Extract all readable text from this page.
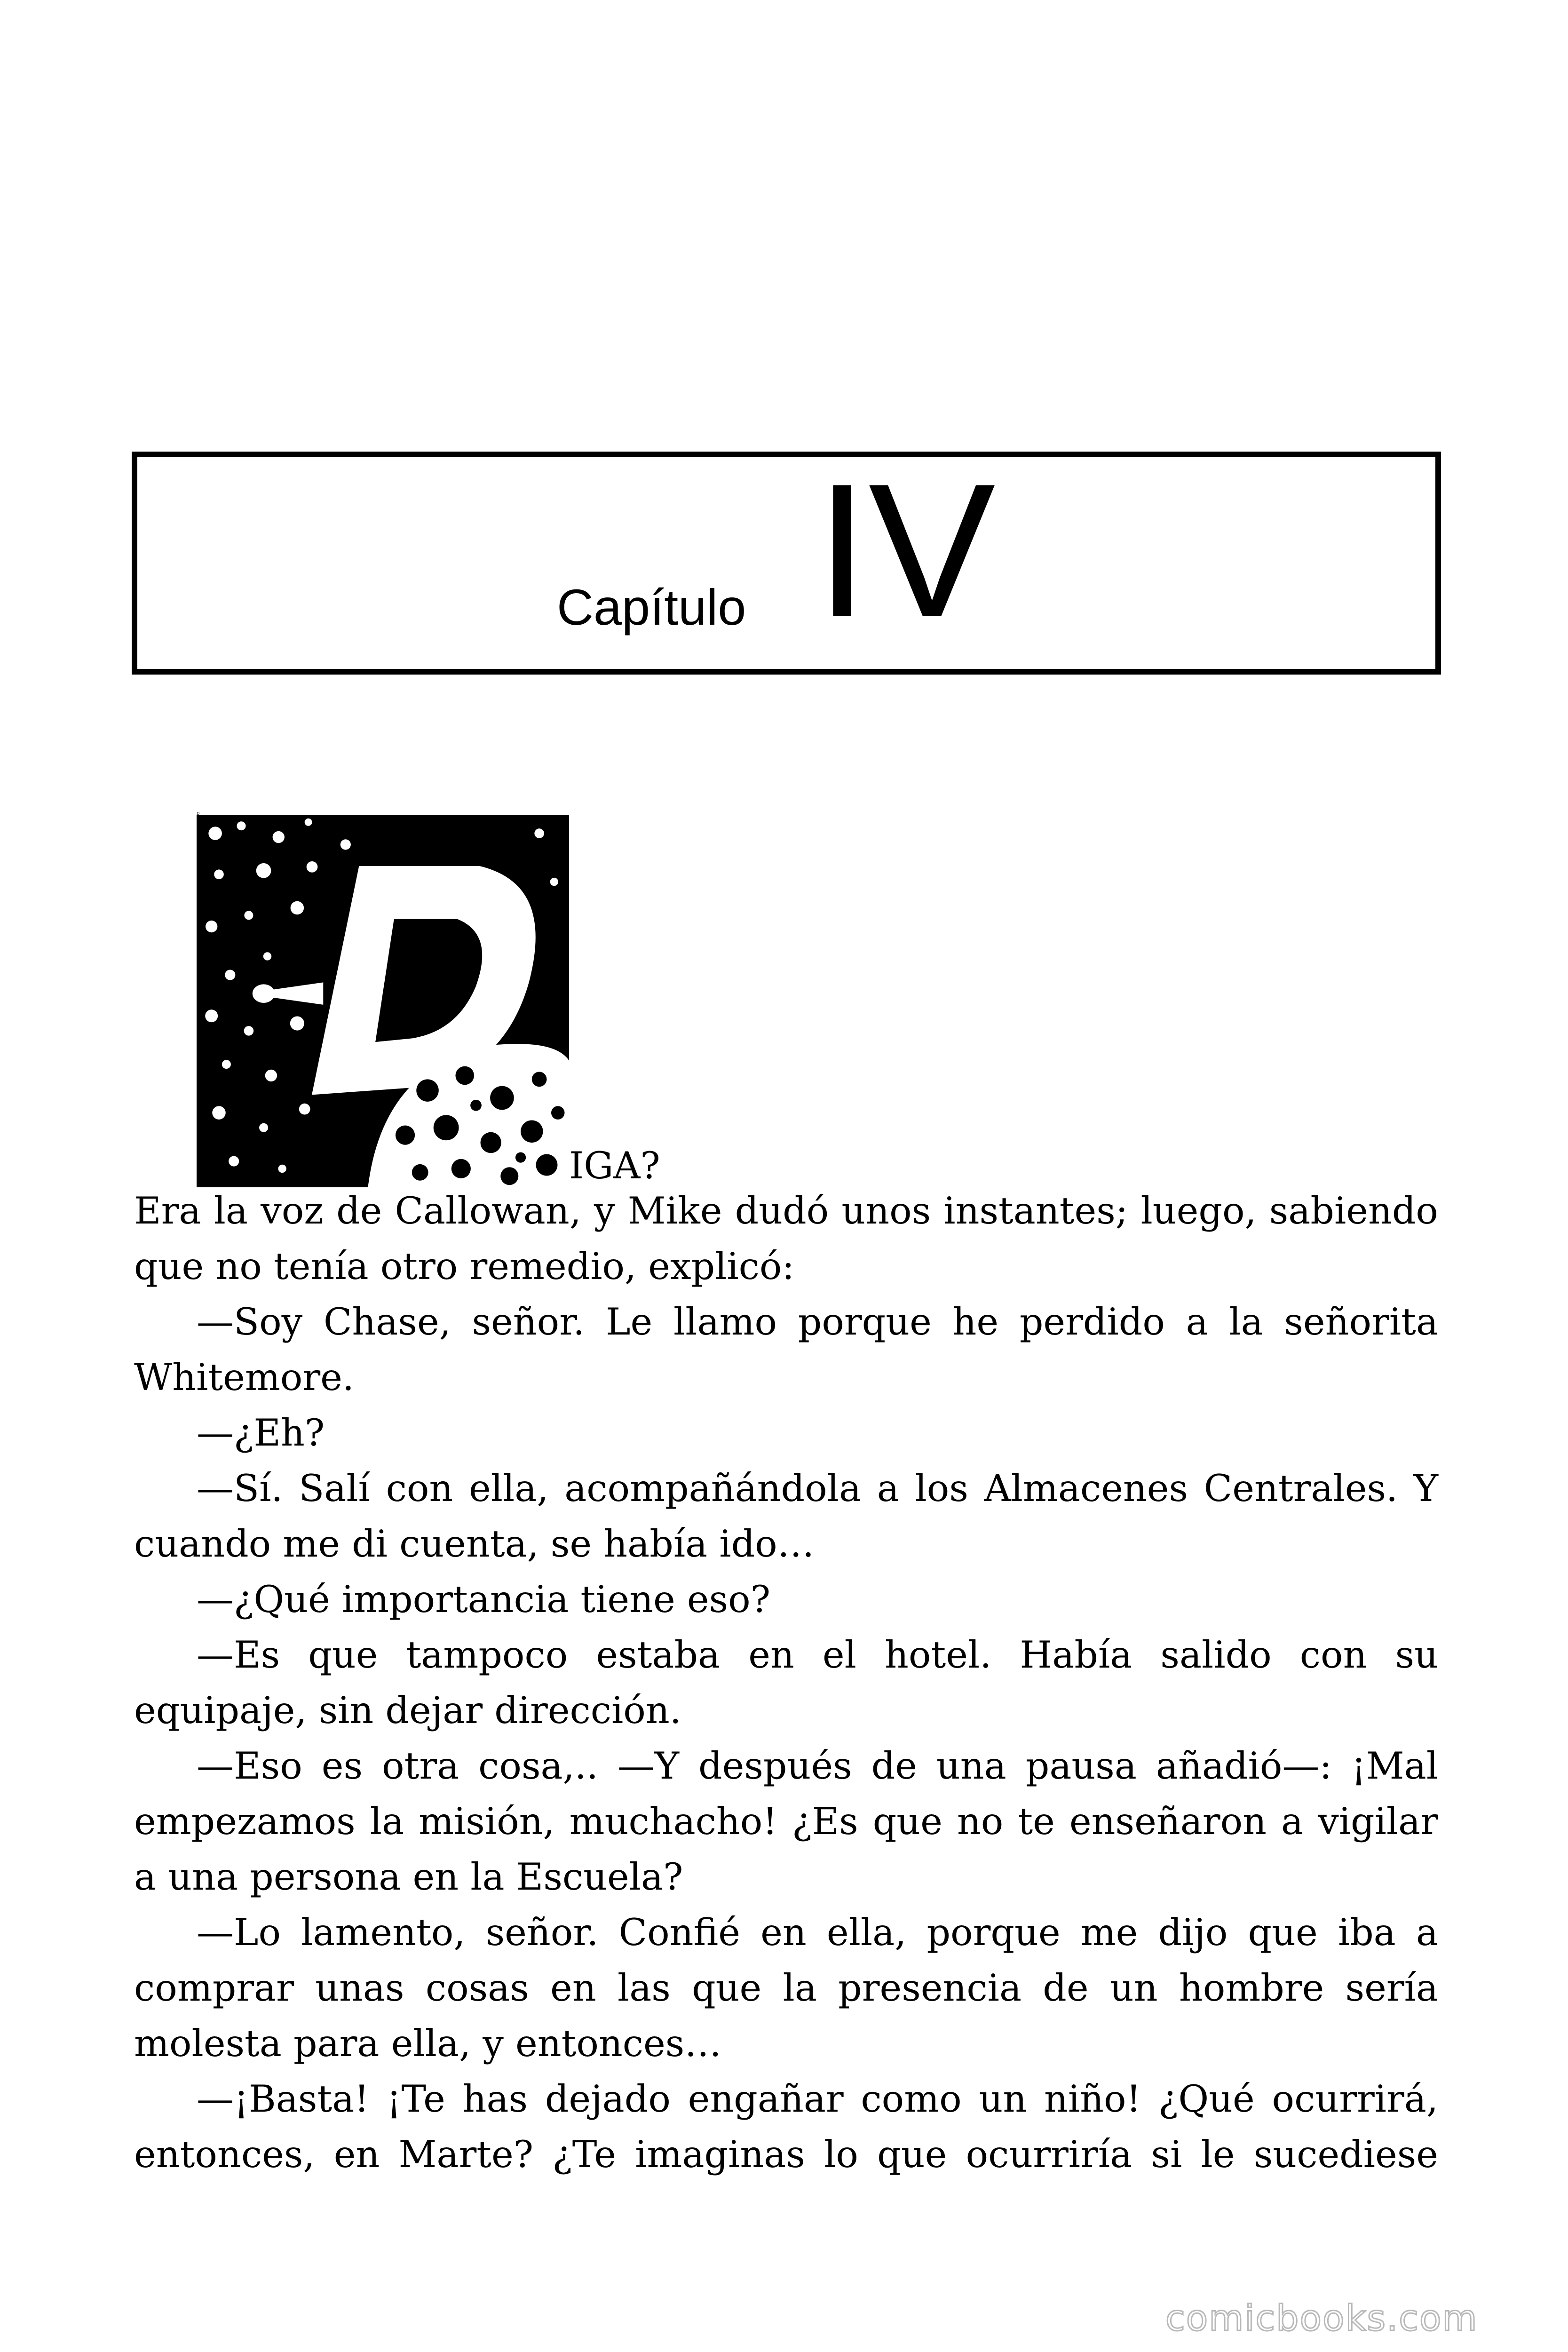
Capítulo IV
D
IGA?

Era la voz de Callowan, y Mike dudó unos instantes; luego, sabiendo que no tenía otro remedio, explicó:

—Soy Chase, señor. Le llamo porque he perdido a la señorita Whitemore.

—¿Eh?

—Sí. Salí con ella, acompañándola a los Almacenes Centrales. Y cuando me di cuenta, se había ido…

—¿Qué importancia tiene eso?

—Es que tampoco estaba en el hotel. Había salido con su equipaje, sin dejar dirección.

—Eso es otra cosa,.. —Y después de una pausa añadió—: ¡Mal empezamos la misión, muchacho! ¿Es que no te enseñaron a vigilar a una persona en la Escuela?

—Lo lamento, señor. Confié en ella, porque me dijo que iba a comprar unas cosas en las que la presencia de un hombre sería molesta para ella, y entonces…

—¡Basta! ¡Te has dejado engañar como un niño! ¿Qué ocurrirá, entonces, en Marte? ¿Te imaginas lo que ocurriría si le sucediese

comicbooks.com
